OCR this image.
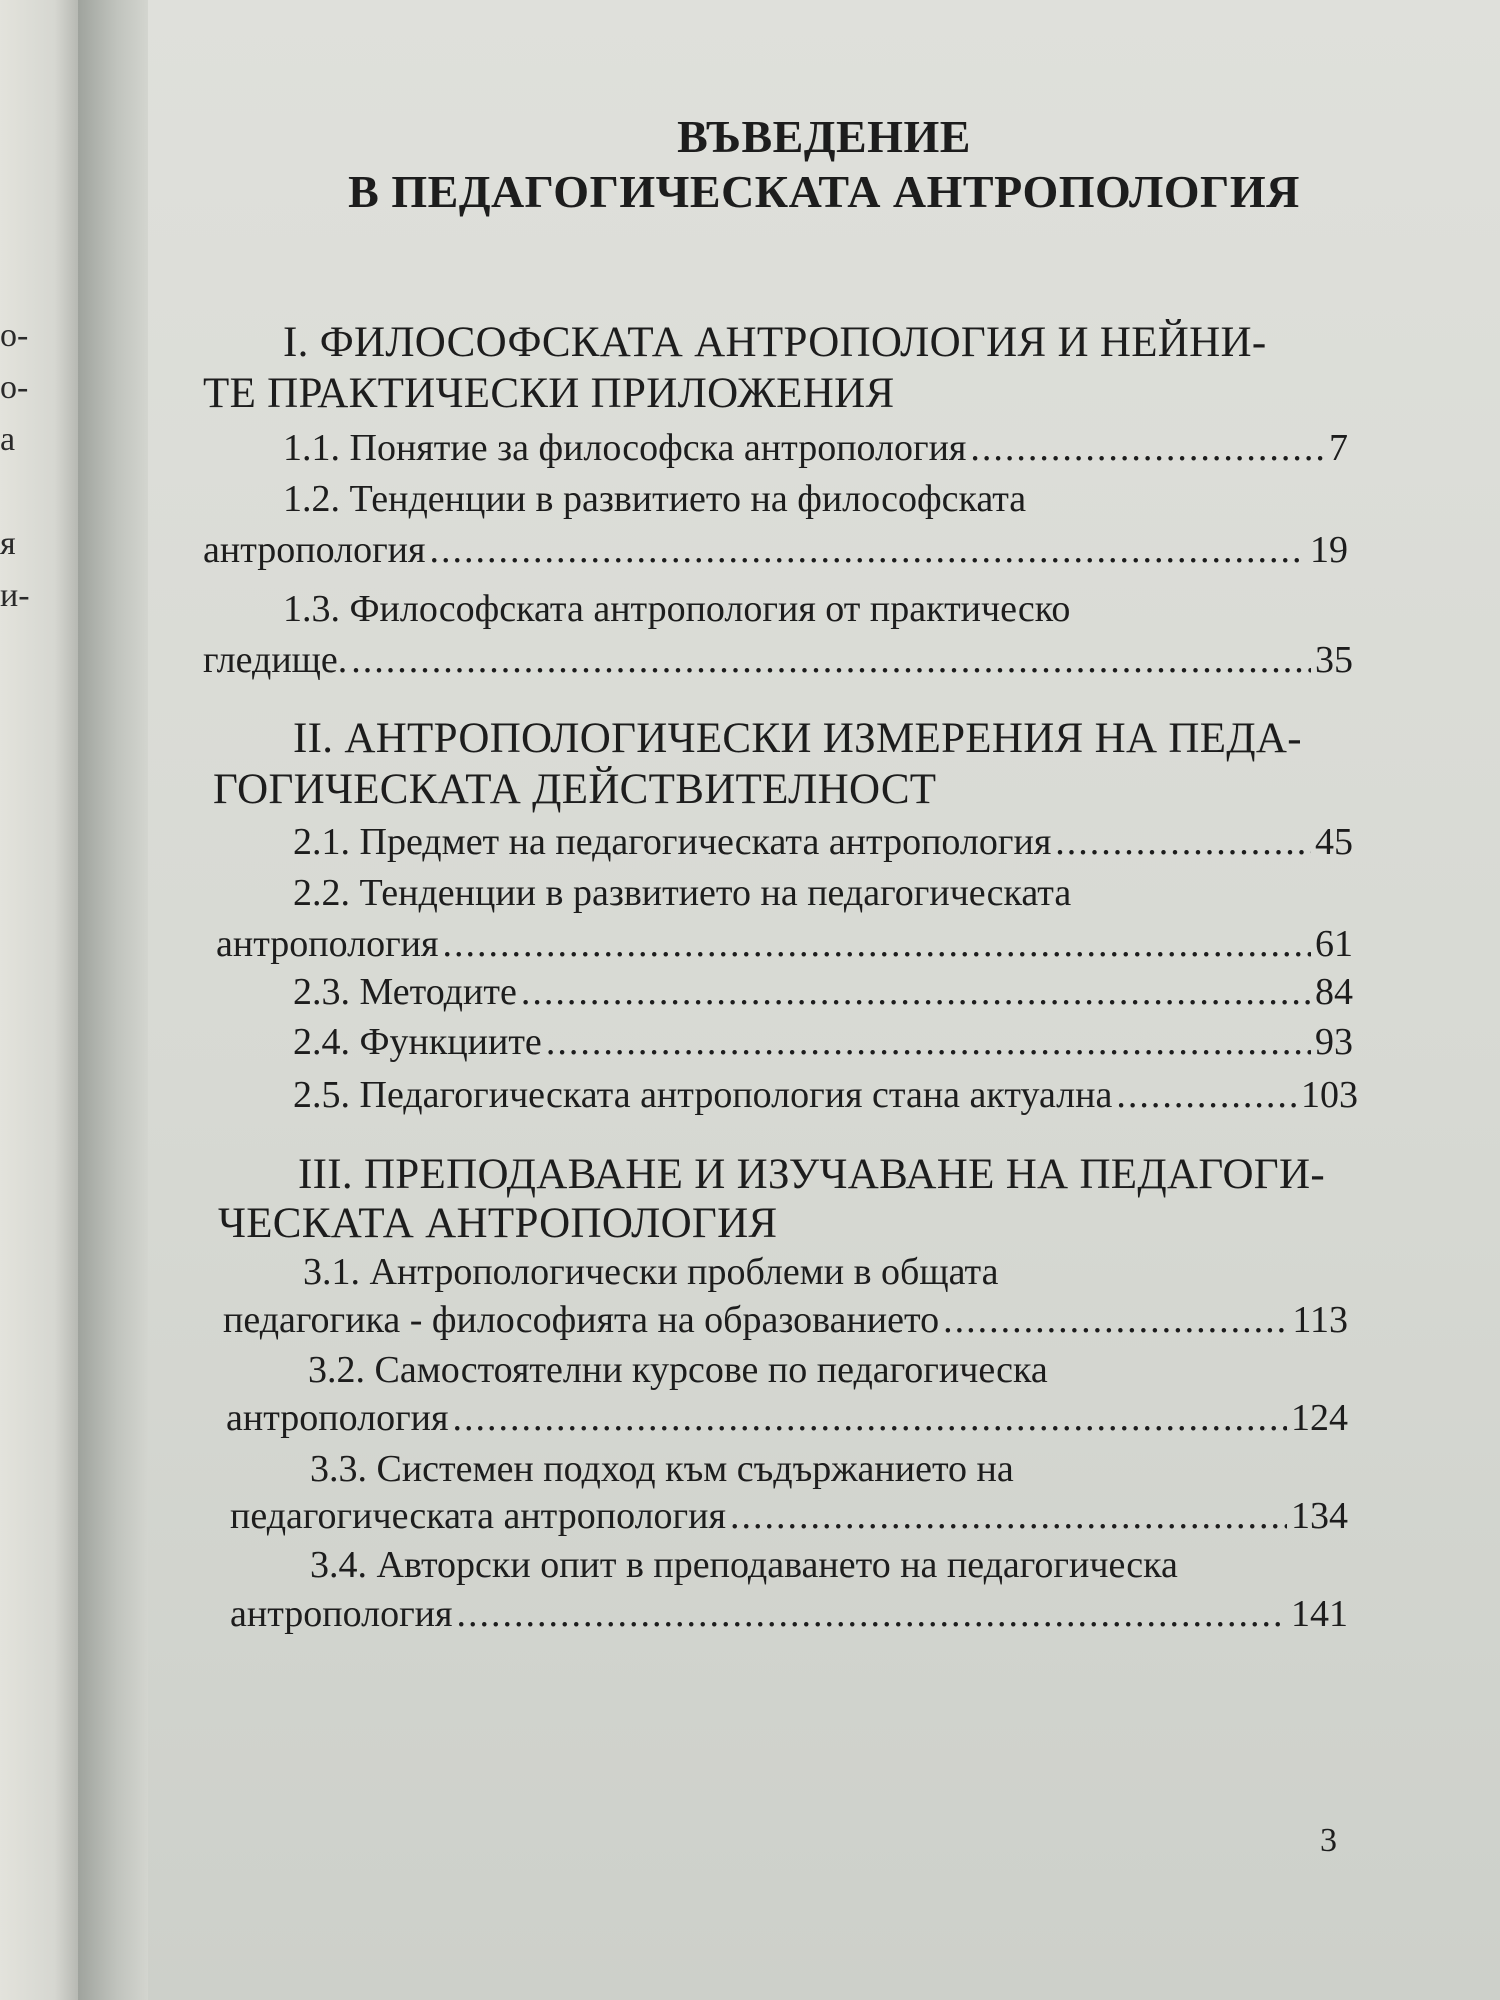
о-
о-
а
я
и-
ВЪВЕДЕНИЕ
В ПЕДАГОГИЧЕСКАТА АНТРОПОЛОГИЯ
I. ФИЛОСОФСКАТА АНТРОПОЛОГИЯ И НЕЙНИ-
ТЕ ПРАКТИЧЕСКИ ПРИЛОЖЕНИЯ
1.1. Понятие за философска антропология .....	7
1.2. Тенденции в развитието на философската
антропология .....	19
1.3. Философската антропология от практическо
гледище. .....	35
II. АНТРОПОЛОГИЧЕСКИ ИЗМЕРЕНИЯ НА ПЕДА-
ГОГИЧЕСКАТА ДЕЙСТВИТЕЛНОСТ
2.1. Предмет на педагогическата антропология .....	45
2.2. Тенденции в развитието на педагогическата
антропология .....	61
2.3. Методите .....	84
2.4. Функциите .....	93
2.5. Педагогическата антропология стана актуална .....	103
III. ПРЕПОДАВАНЕ И ИЗУЧАВАНЕ НА ПЕДАГОГИ-
ЧЕСКАТА АНТРОПОЛОГИЯ
3.1. Антропологически проблеми в общата
педагогика - философията на образованието .....	113
3.2. Самостоятелни курсове по педагогическа
антропология .....	124
3.3. Системен подход към съдържанието на
педагогическата антропология .....	134
3.4. Авторски опит в преподаването на педагогическа
антропология .....	141
3
